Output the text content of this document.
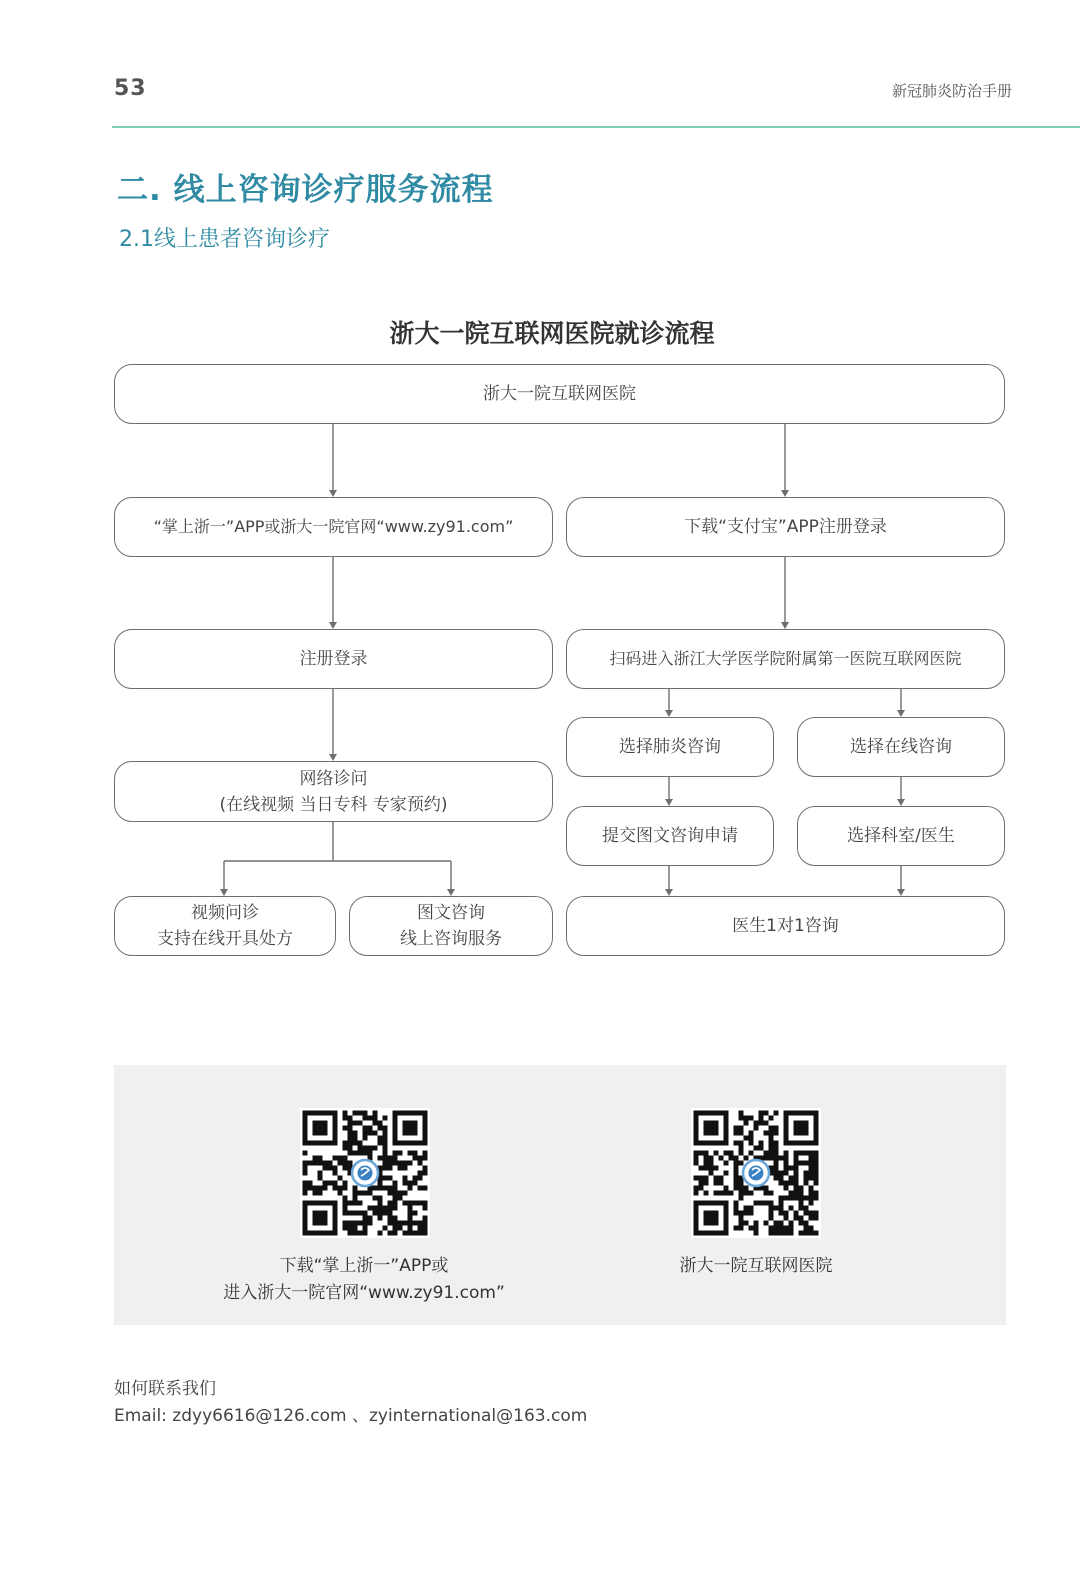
53	新冠肺炎防治手册
二. 线上咨询诊疗服务流程
2.1线上患者咨询诊疗
浙大一院互联网医院就诊流程
浙大一院互联网医院
“掌上浙一”APP或浙大一院官网“www.zy91.com”	下载“支付宝”APP注册登录
注册登录	扫码进入浙江大学医学院附属第一医院互联网医院
网络诊问
(在线视频 当日专科 专家预约)
选择肺炎咨询	选择在线咨询
提交图文咨询申请	选择科室/医生
视频问诊
支持在线开具处方
图文咨询
线上咨询服务
医生1对1咨询
下载“掌上浙一”APP或
进入浙大一院官网“www.zy91.com”
浙大一院互联网医院
如何联系我们
Email: zdyy6616@126.com 、zyinternational@163.com
